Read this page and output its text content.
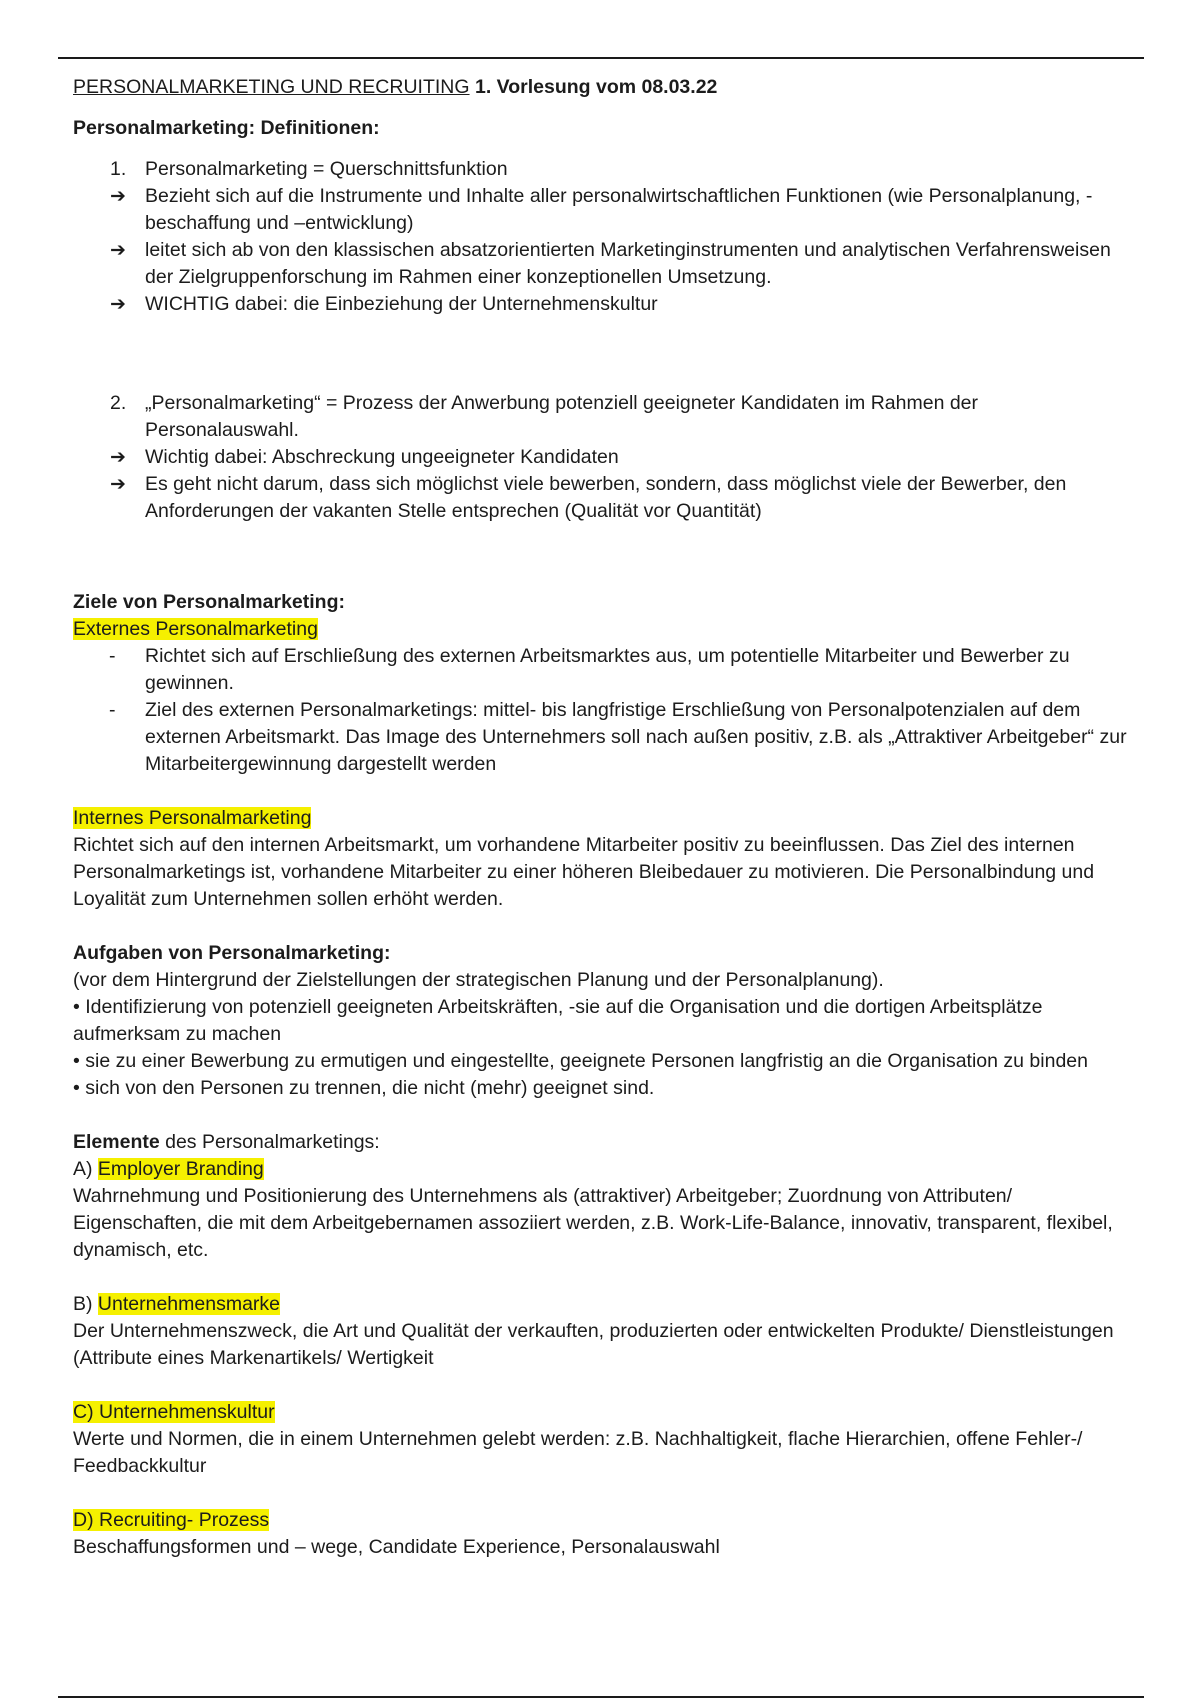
PERSONALMARKETING UND RECRUITING 1. Vorlesung vom 08.03.22

Personalmarketing: Definitionen:

1. Personalmarketing = Querschnittsfunktion
➔ Bezieht sich auf die Instrumente und Inhalte aller personalwirtschaftlichen Funktionen (wie Personalplanung, -beschaffung und –entwicklung)
➔ leitet sich ab von den klassischen absatzorientierten Marketinginstrumenten und analytischen Verfahrensweisen der Zielgruppenforschung im Rahmen einer konzeptionellen Umsetzung.
➔ WICHTIG dabei: die Einbeziehung der Unternehmenskultur
2. „Personalmarketing“ = Prozess der Anwerbung potenziell geeigneter Kandidaten im Rahmen der Personalauswahl.
➔ Wichtig dabei: Abschreckung ungeeigneter Kandidaten
➔ Es geht nicht darum, dass sich möglichst viele bewerben, sondern, dass möglichst viele der Bewerber, den Anforderungen der vakanten Stelle entsprechen (Qualität vor Quantität)

Ziele von Personalmarketing:

Externes Personalmarketing

- Richtet sich auf Erschließung des externen Arbeitsmarktes aus, um potentielle Mitarbeiter und Bewerber zu gewinnen.
- Ziel des externen Personalmarketings: mittel- bis langfristige Erschließung von Personalpotenzialen auf dem externen Arbeitsmarkt. Das Image des Unternehmers soll nach außen positiv, z.B. als „Attraktiver Arbeitgeber“ zur Mitarbeitergewinnung dargestellt werden

Internes Personalmarketing

Richtet sich auf den internen Arbeitsmarkt, um vorhandene Mitarbeiter positiv zu beeinflussen. Das Ziel des internen Personalmarketings ist, vorhandene Mitarbeiter zu einer höheren Bleibedauer zu motivieren. Die Personalbindung und Loyalität zum Unternehmen sollen erhöht werden.

Aufgaben von Personalmarketing:

(vor dem Hintergrund der Zielstellungen der strategischen Planung und der Personalplanung).

• Identifizierung von potenziell geeigneten Arbeitskräften, -sie auf die Organisation und die dortigen Arbeitsplätze aufmerksam zu machen

• sie zu einer Bewerbung zu ermutigen und eingestellte, geeignete Personen langfristig an die Organisation zu binden

• sich von den Personen zu trennen, die nicht (mehr) geeignet sind.

Elemente des Personalmarketings:

A) Employer Branding

Wahrnehmung und Positionierung des Unternehmens als (attraktiver) Arbeitgeber; Zuordnung von Attributen/ Eigenschaften, die mit dem Arbeitgebernamen assoziiert werden, z.B. Work-Life-Balance, innovativ, transparent, flexibel, dynamisch, etc.

B) Unternehmensmarke

Der Unternehmenszweck, die Art und Qualität der verkauften, produzierten oder entwickelten Produkte/ Dienstleistungen (Attribute eines Markenartikels/ Wertigkeit

C) Unternehmenskultur

Werte und Normen, die in einem Unternehmen gelebt werden: z.B. Nachhaltigkeit, flache Hierarchien, offene Fehler-/ Feedbackkultur

D) Recruiting- Prozess

Beschaffungsformen und – wege, Candidate Experience, Personalauswahl
